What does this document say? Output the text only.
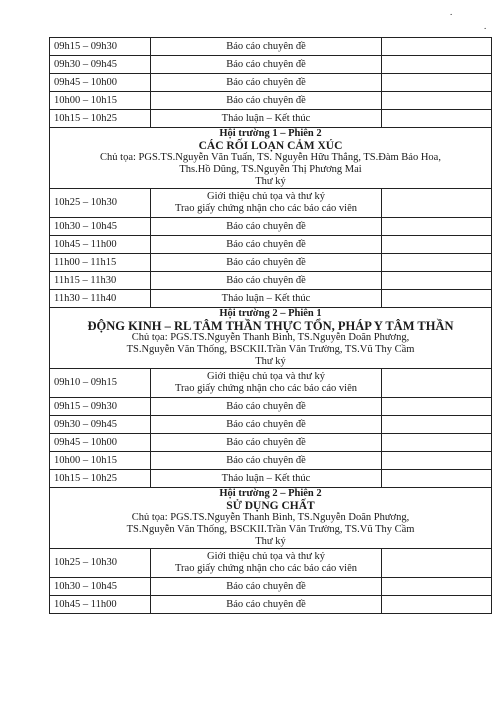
.
.
09h15 – 09h30	Báo cáo chuyên đề	
09h30 – 09h45	Báo cáo chuyên đề	
09h45 – 10h00	Báo cáo chuyên đề	
10h00 – 10h15	Báo cáo chuyên đề	
10h15 – 10h25	Thảo luận – Kết thúc	

Hội trường 1 – Phiên 2
CÁC RỐI LOẠN CẢM XÚC
Chủ tọa: PGS.TS.Nguyễn Văn Tuấn, TS. Nguyễn Hữu Thắng, TS.Đàm Bảo Hoa,
Ths.Hồ Dũng, TS.Nguyễn Thị Phương Mai
Thư ký		

10h25 – 10h30	Giới thiệu chủ tọa và thư ký
Trao giấy chứng nhận cho các báo cáo viên	

10h30 – 10h45	Báo cáo chuyên đề	
10h45 – 11h00	Báo cáo chuyên đề	
11h00 – 11h15	Báo cáo chuyên đề	
11h15 – 11h30	Báo cáo chuyên đề	
11h30 – 11h40	Thảo luận – Kết thúc	

Hội trường 2 – Phiên 1
ĐỘNG KINH – RL TÂM THẦN THỰC TỔN, PHÁP Y TÂM THẦN
Chủ tọa: PGS.TS.Nguyễn Thanh Bình, TS.Nguyễn Doãn Phương,
TS.Nguyễn Văn Thống, BSCKII.Trần Văn Trường, TS.Vũ Thy Cầm
Thư ký		

09h10 – 09h15	Giới thiệu chủ tọa và thư ký
Trao giấy chứng nhận cho các báo cáo viên	

09h15 – 09h30	Báo cáo chuyên đề	
09h30 – 09h45	Báo cáo chuyên đề	
09h45 – 10h00	Báo cáo chuyên đề	
10h00 – 10h15	Báo cáo chuyên đề	
10h15 – 10h25	Thảo luận – Kết thúc	

Hội trường 2 – Phiên 2
SỬ DỤNG CHẤT
Chủ tọa: PGS.TS.Nguyễn Thanh Bình, TS.Nguyễn Doãn Phương,
TS.Nguyễn Văn Thống, BSCKII.Trần Văn Trường, TS.Vũ Thy Cầm
Thư ký		

10h25 – 10h30	Giới thiệu chủ tọa và thư ký
Trao giấy chứng nhận cho các báo cáo viên	

10h30 – 10h45	Báo cáo chuyên đề	
10h45 – 11h00	Báo cáo chuyên đề	
